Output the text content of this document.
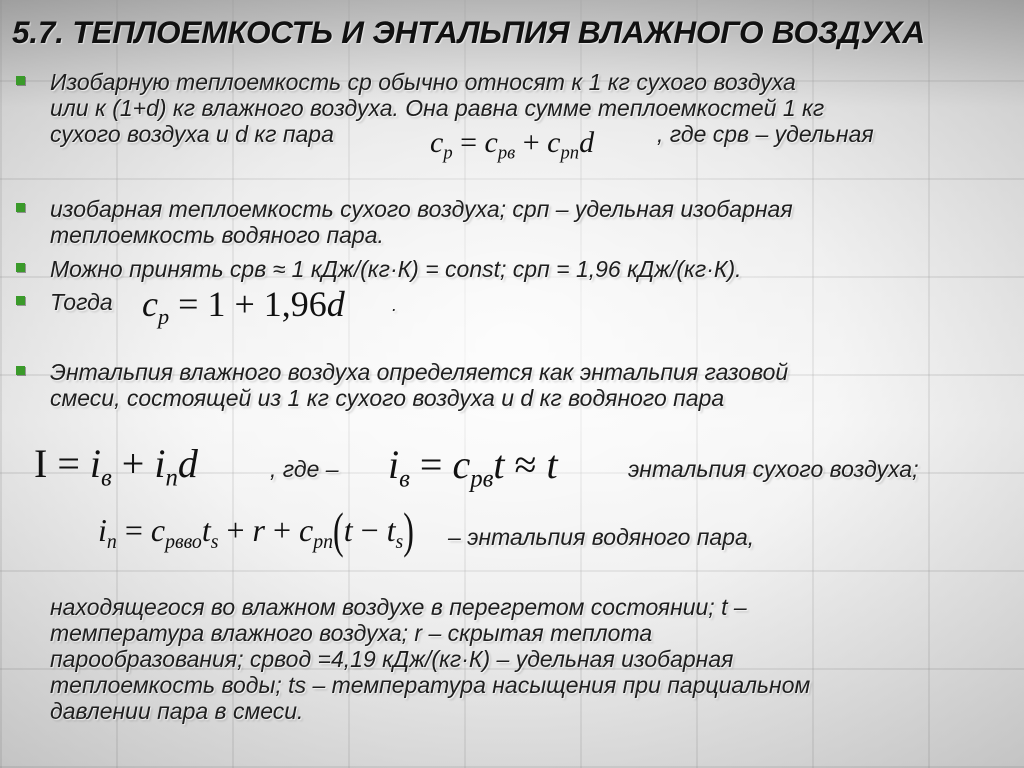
5.7. ТЕПЛОЕМКОСТЬ И ЭНТАЛЬПИЯ ВЛАЖНОГО ВОЗДУХА
Изобарную теплоемкость ср обычно относят к 1 кг сухого воздуха
или к (1+d) кг влажного воздуха. Она равна сумме теплоемкостей 1 кг
сухого воздуха и d кг пара	$c_p = c_{pв} + c_{pп}d$	, где срв – удельная
изобарная теплоемкость сухого воздуха; срп – удельная изобарная
теплоемкость водяного пара.
Можно принять срв ≈ 1 кДж/(кг·К) = const; срп = 1,96 кДж/(кг·К).
Тогда $c_p = 1 + 1,96d$	.
Энтальпия влажного воздуха определяется как энтальпия газовой
смеси, состоящей из 1 кг сухого воздуха и d кг водяного пара
$I = i_в + i_пd$	, где – $i_в = c_{pв}t \approx t$	энтальпия сухого воздуха;
$i_п = c_{pвво}t_s + r + c_{pп}(t - t_s)$ – энтальпия водяного пара,
находящегося во влажном воздухе в перегретом состоянии; t –
температура влажного воздуха; r – скрытая теплота
парообразования; срвод =4,19 кДж/(кг·К) – удельная изобарная
теплоемкость воды; ts – температура насыщения при парциальном
давлении пара в смеси.
